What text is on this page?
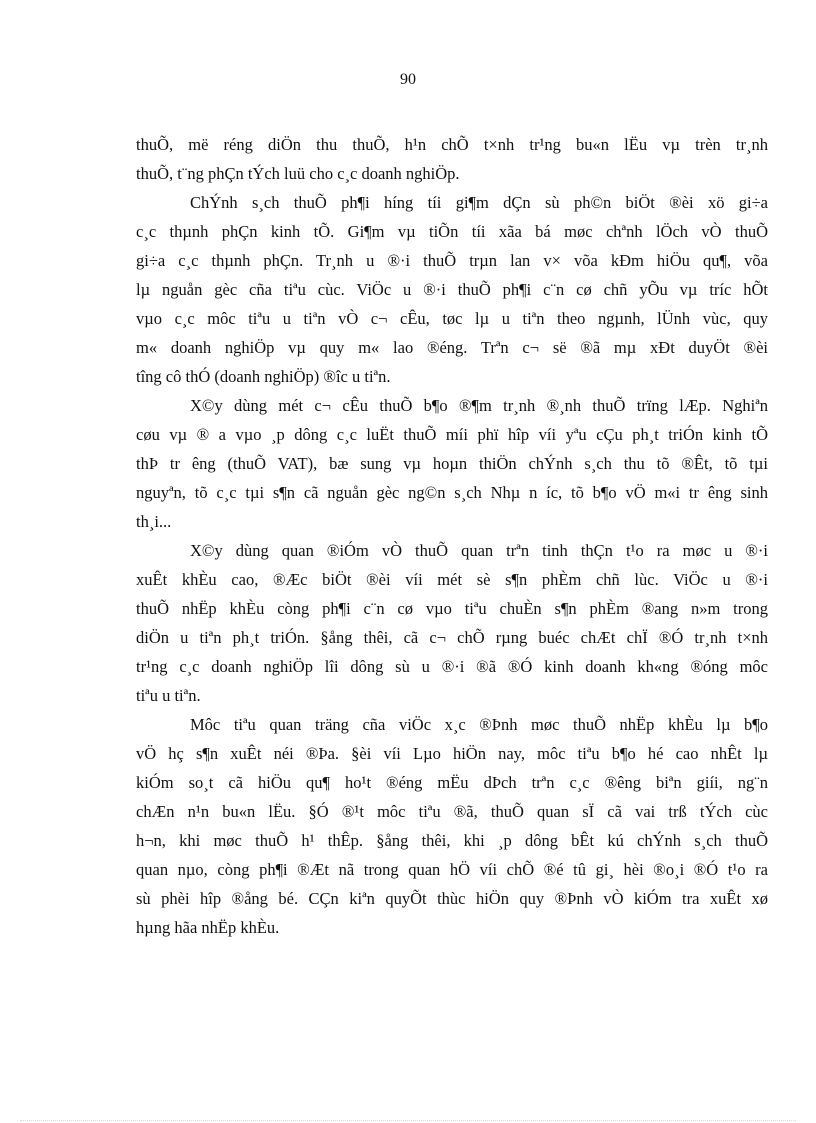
90
thuÕ, më réng diÖn thu thuÕ, h¹n chÕ t×nh tr¹ng bu«n lËu vµ trèn tr¸nh
thuÕ, t¨ng phÇn tÝch luü cho c¸c doanh nghiÖp.
ChÝnh s¸ch thuÕ ph¶i híng tíi gi¶m dÇn sù ph©n biÖt ®èi xö gi÷a
c¸c thµnh phÇn kinh tÕ. Gi¶m vµ tiÕn tíi xãa bá møc chªnh lÖch vÒ thuÕ
gi÷a c¸c thµnh phÇn. Tr¸nh u ®·i thuÕ trµn lan v× võa kÐm hiÖu qu¶, võa
lµ nguån gèc cña tiªu cùc. ViÖc u ®·i thuÕ ph¶i c¨n cø chñ yÕu vµ tríc hÕt
vµo c¸c môc tiªu u tiªn vÒ c¬ cÊu, tøc lµ u tiªn theo ngµnh, lÜnh vùc, quy
m« doanh nghiÖp vµ quy m« lao ®éng. Trªn c¬ së ®ã mµ xÐt duyÖt ®èi
tîng cô thÓ (doanh nghiÖp) ®îc u tiªn.
X©y dùng mét c¬ cÊu thuÕ b¶o ®¶m tr¸nh ®¸nh thuÕ trïng lÆp. Nghiªn
cøu vµ ® a vµo ¸p dông c¸c luËt thuÕ míi phï hîp víi yªu cÇu ph¸t triÓn kinh tÕ
thÞ tr êng (thuÕ VAT), bæ sung vµ hoµn thiÖn chÝnh s¸ch thu tõ ®Êt, tõ tµi
nguyªn, tõ c¸c tµi s¶n cã nguån gèc ng©n s¸ch Nhµ n íc, tõ b¶o vÖ m«i tr êng sinh
th¸i...
X©y dùng quan ®iÓm vÒ thuÕ quan trªn tinh thÇn t¹o ra møc u ®·i
xuÊt khÈu cao, ®Æc biÖt ®èi víi mét sè s¶n phÈm chñ lùc. ViÖc u ®·i
thuÕ nhËp khÈu còng ph¶i c¨n cø vµo tiªu chuÈn s¶n phÈm ®ang n»m trong
diÖn u tiªn ph¸t triÓn. §ång thêi, cã c¬ chÕ rµng buéc chÆt chÏ ®Ó tr¸nh t×nh
tr¹ng c¸c doanh nghiÖp lîi dông sù u ®·i ®ã ®Ó kinh doanh kh«ng ®óng môc
tiªu u tiªn.
Môc tiªu quan träng cña viÖc x¸c ®Þnh møc thuÕ nhËp khÈu lµ b¶o
vÖ hç s¶n xuÊt néi ®Þa. §èi víi Lµo hiÖn nay, môc tiªu b¶o hé cao nhÊt lµ
kiÓm so¸t cã hiÖu qu¶ ho¹t ®éng mËu dÞch trªn c¸c ®êng biªn giíi, ng¨n
chÆn n¹n bu«n lËu. §Ó ®¹t môc tiªu ®ã, thuÕ quan sÏ cã vai trß tÝch cùc
h¬n, khi møc thuÕ h¹ thÊp. §ång thêi, khi ¸p dông bÊt kú chÝnh s¸ch thuÕ
quan nµo, còng ph¶i ®Æt nã trong quan hÖ víi chÕ ®é tû gi¸ hèi ®o¸i ®Ó t¹o ra
sù phèi hîp ®ång bé. CÇn kiªn quyÕt thùc hiÖn quy ®Þnh vÒ kiÓm tra xuÊt xø
hµng hãa nhËp khÈu.
